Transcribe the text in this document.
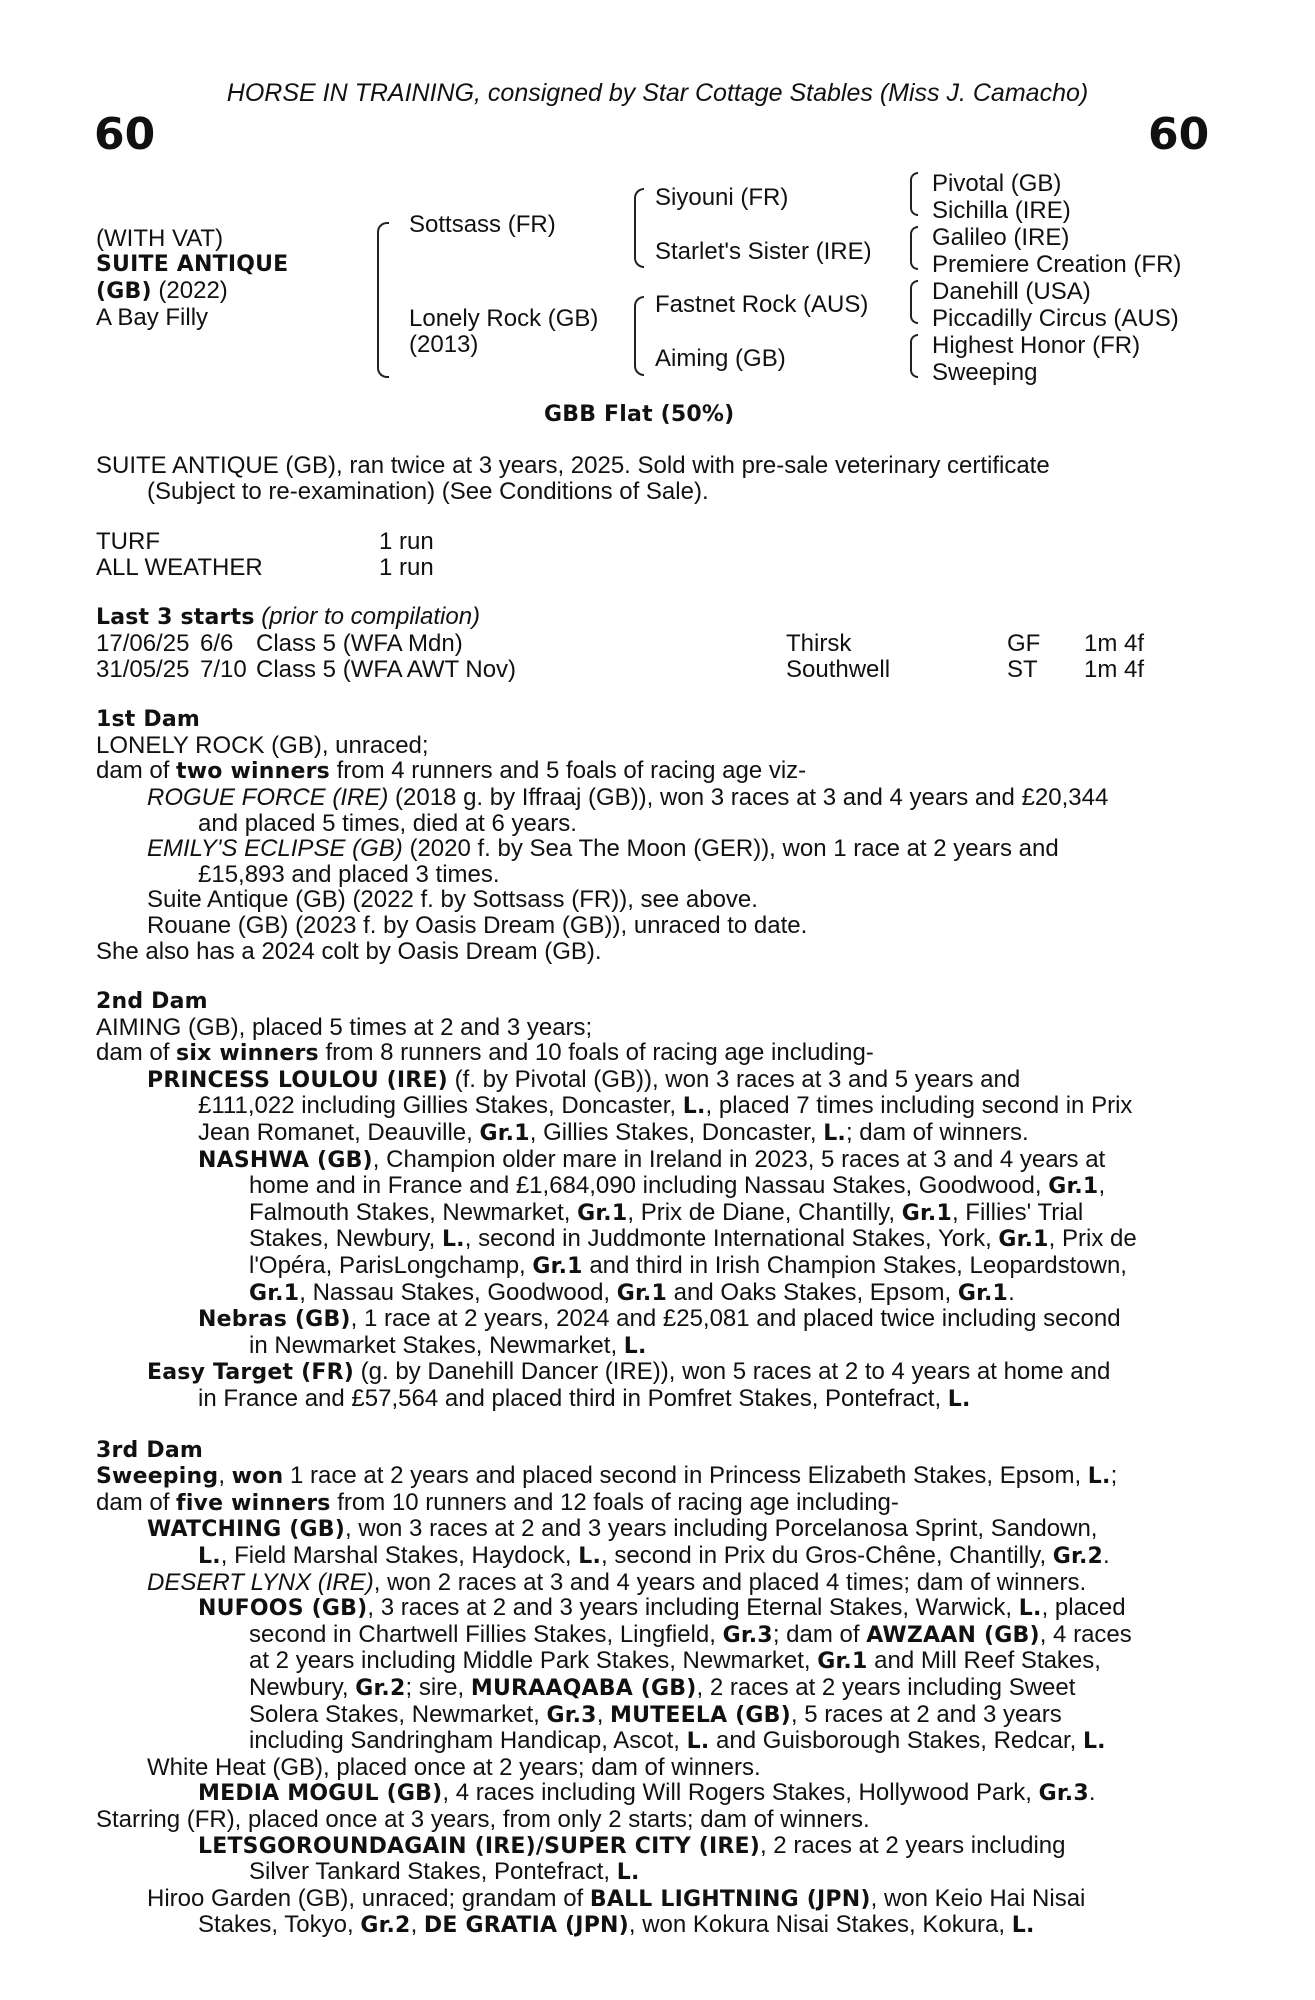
HORSE IN TRAINING, consigned by Star Cottage Stables (Miss J. Camacho)
60	60
(WITH VAT)
SUITE ANTIQUE
(GB) (2022)
A Bay Filly
Sottsass (FR)
Lonely Rock (GB)
(2013)
Siyouni (FR)
Starlet's Sister (IRE)
Fastnet Rock (AUS)
Aiming (GB)
Pivotal (GB)
Sichilla (IRE)
Galileo (IRE)
Premiere Creation (FR)
Danehill (USA)
Piccadilly Circus (AUS)
Highest Honor (FR)
Sweeping
GBB Flat (50%)
SUITE ANTIQUE (GB), ran twice at 3 years, 2025. Sold with pre-sale veterinary certificate
(Subject to re-examination) (See Conditions of Sale).
TURF	1 run
ALL WEATHER	1 run
Last 3 starts (prior to compilation)
17/06/25 6/6 Class 5 (WFA Mdn)	Thirsk	GF	1m 4f
31/05/25 7/10 Class 5 (WFA AWT Nov)	Southwell	ST	1m 4f
1st Dam
LONELY ROCK (GB), unraced;
dam of two winners from 4 runners and 5 foals of racing age viz-
ROGUE FORCE (IRE) (2018 g. by Iffraaj (GB)), won 3 races at 3 and 4 years and £20,344
and placed 5 times, died at 6 years.
EMILY'S ECLIPSE (GB) (2020 f. by Sea The Moon (GER)), won 1 race at 2 years and
£15,893 and placed 3 times.
Suite Antique (GB) (2022 f. by Sottsass (FR)), see above.
Rouane (GB) (2023 f. by Oasis Dream (GB)), unraced to date.
She also has a 2024 colt by Oasis Dream (GB).
2nd Dam
AIMING (GB), placed 5 times at 2 and 3 years;
dam of six winners from 8 runners and 10 foals of racing age including-
PRINCESS LOULOU (IRE) (f. by Pivotal (GB)), won 3 races at 3 and 5 years and
£111,022 including Gillies Stakes, Doncaster, L., placed 7 times including second in Prix
Jean Romanet, Deauville, Gr.1, Gillies Stakes, Doncaster, L.; dam of winners.
NASHWA (GB), Champion older mare in Ireland in 2023, 5 races at 3 and 4 years at
home and in France and £1,684,090 including Nassau Stakes, Goodwood, Gr.1,
Falmouth Stakes, Newmarket, Gr.1, Prix de Diane, Chantilly, Gr.1, Fillies' Trial
Stakes, Newbury, L., second in Juddmonte International Stakes, York, Gr.1, Prix de
l'Opéra, ParisLongchamp, Gr.1 and third in Irish Champion Stakes, Leopardstown,
Gr.1, Nassau Stakes, Goodwood, Gr.1 and Oaks Stakes, Epsom, Gr.1.
Nebras (GB), 1 race at 2 years, 2024 and £25,081 and placed twice including second
in Newmarket Stakes, Newmarket, L.
Easy Target (FR) (g. by Danehill Dancer (IRE)), won 5 races at 2 to 4 years at home and
in France and £57,564 and placed third in Pomfret Stakes, Pontefract, L.
3rd Dam
Sweeping, won 1 race at 2 years and placed second in Princess Elizabeth Stakes, Epsom, L.;
dam of five winners from 10 runners and 12 foals of racing age including-
WATCHING (GB), won 3 races at 2 and 3 years including Porcelanosa Sprint, Sandown,
L., Field Marshal Stakes, Haydock, L., second in Prix du Gros-Chêne, Chantilly, Gr.2.
DESERT LYNX (IRE), won 2 races at 3 and 4 years and placed 4 times; dam of winners.
NUFOOS (GB), 3 races at 2 and 3 years including Eternal Stakes, Warwick, L., placed
second in Chartwell Fillies Stakes, Lingfield, Gr.3; dam of AWZAAN (GB), 4 races
at 2 years including Middle Park Stakes, Newmarket, Gr.1 and Mill Reef Stakes,
Newbury, Gr.2; sire, MURAAQABA (GB), 2 races at 2 years including Sweet
Solera Stakes, Newmarket, Gr.3, MUTEELA (GB), 5 races at 2 and 3 years
including Sandringham Handicap, Ascot, L. and Guisborough Stakes, Redcar, L.
White Heat (GB), placed once at 2 years; dam of winners.
MEDIA MOGUL (GB), 4 races including Will Rogers Stakes, Hollywood Park, Gr.3.
Starring (FR), placed once at 3 years, from only 2 starts; dam of winners.
LETSGOROUNDAGAIN (IRE)/SUPER CITY (IRE), 2 races at 2 years including
Silver Tankard Stakes, Pontefract, L.
Hiroo Garden (GB), unraced; grandam of BALL LIGHTNING (JPN), won Keio Hai Nisai
Stakes, Tokyo, Gr.2, DE GRATIA (JPN), won Kokura Nisai Stakes, Kokura, L.
